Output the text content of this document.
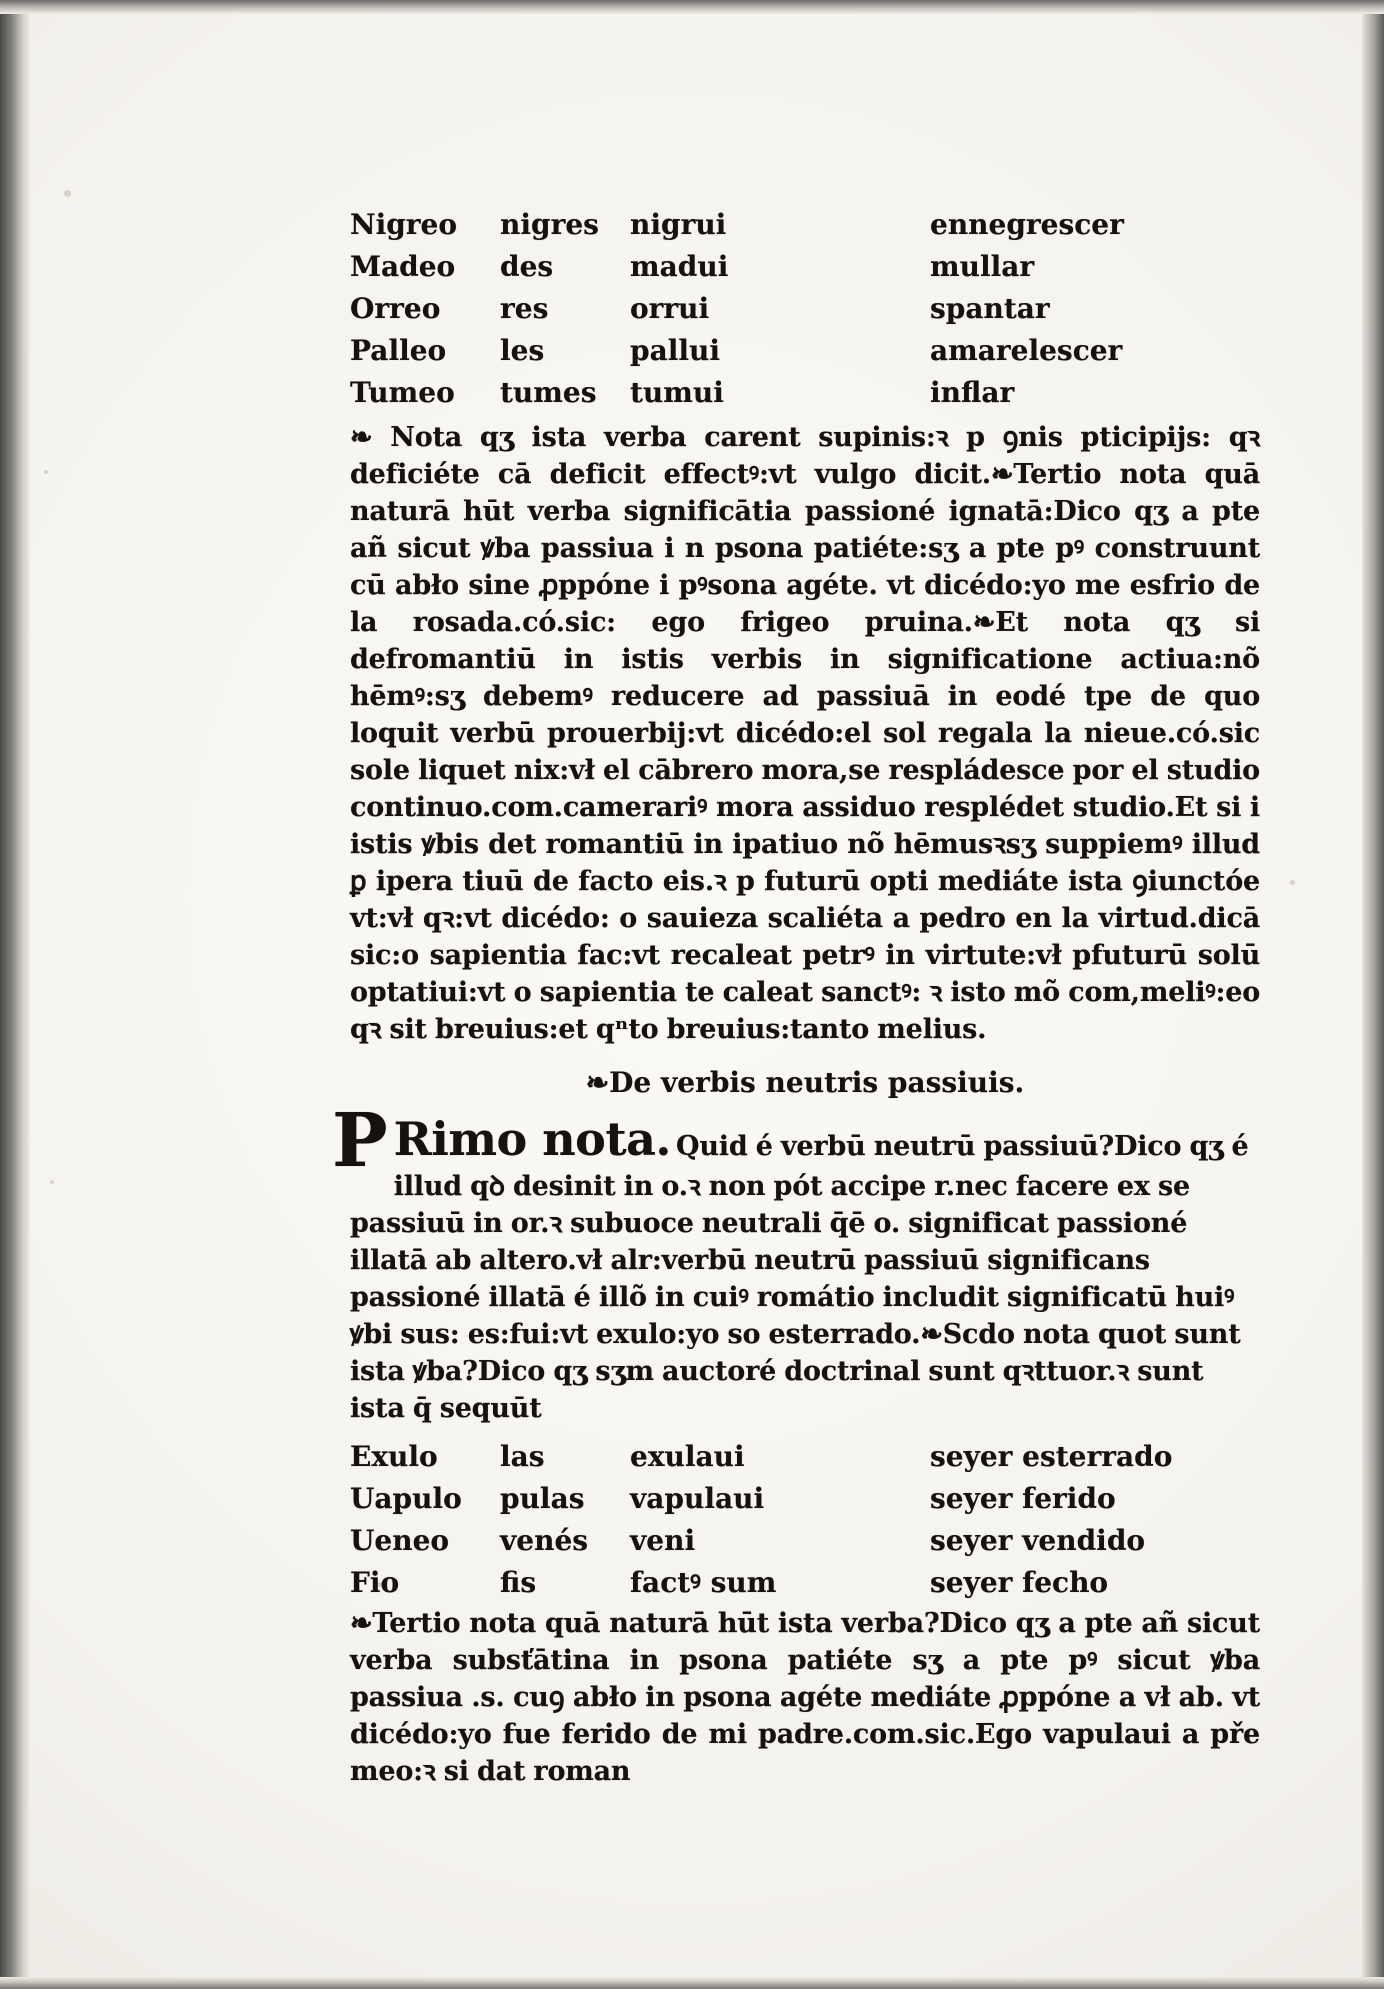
Nigreo	nigres	nigrui	ennegrescer
Madeo	des	madui	mullar
Orreo	res	orrui	spantar
Palleo	les	pallui	amarelescer
Tumeo	tumes	tumui	inflar

❧ Nota qʒ ista verba carent supinis:ꝛ p ꝯnis pticipijs: qꝛ deficiéte cā deficit effectꝰ:vt vulgo dicit.❧Tertio nota quā naturā hūt verba significātia passioné ignatā:Dico qʒ a pte añ sicut ꝟba passiua i n psona patiéte:sʒ a pte pꝰ construunt cū abło sine ꝓppóne i pꝰsona agéte. vt dicédo:yo me esfrio de la rosada.có.sic: ego frigeo pruina.❧Et nota qʒ si defromantiū in istis verbis in significatione actiua:nõ hēmꝰ:sʒ debemꝰ reducere ad passiuā in eodé tpe de quo loquit verbū prouerbij:vt dicédo:el sol regala la nieue.có.sic sole liquet nix:vł el cābrero mora,se respládesce por el studio continuo.com.camerariꝰ mora assiduo resplédet studio.Et si i istis ꝟbis det romantiū in ipatiuo nõ hēmusꝛsʒ suppiemꝰ illud ꝑ ipera tiuū de facto eis.ꝛ p futurū opti mediáte ista ꝯiunctóe vt:vł qꝛ:vt dicédo: o sauieza scaliéta a pedro en la virtud.dicā sic:o sapientia fac:vt recaleat petrꝰ in virtute:vł pfuturū solū optatiui:vt o sapientia te caleat sanctꝰ: ꝛ isto mõ com,meliꝰ:eo qꝛ sit breuius:et qⁿto breuius:tanto melius.

❧De verbis neutris passiuis.
P Rimo nota. Quid é verbū neutrū passiuū?Dico qʒ é illud qꝺ desinit in o.ꝛ non pót accipe r.nec facere ex se passiuū in or.ꝛ subuoce neutrali q̄ē o. significat passioné illatā ab altero.vł alr:verbū neutrū passiuū significans passioné illatā é illõ in cuiꝰ romátio includit significatū huiꝰ ꝟbi sus: es:fui:vt exulo:yo so esterrado.❧Scdo nota quot sunt ista ꝟba?Dico qʒ sʒm auctoré doctrinal sunt qꝛttuor.ꝛ sunt ista q̄ sequūt
Exulo	las	exulaui	seyer esterrado
Uapulo	pulas	vapulaui	seyer ferido
Ueneo	venés	veni	seyer vendido
Fio	fis	factꝰ sum	seyer fecho

❧Tertio nota quā naturā hūt ista verba?Dico qʒ a pte añ sicut verba subsťātina in psona patiéte sʒ a pte pꝰ sicut ꝟba passiua .s. cuꝯ abło in psona agéte mediáte ꝓppóne a vł ab. vt dicédo:yo fue ferido de mi padre.com.sic.Ego vapulaui a pře meo:ꝛ si dat roman
